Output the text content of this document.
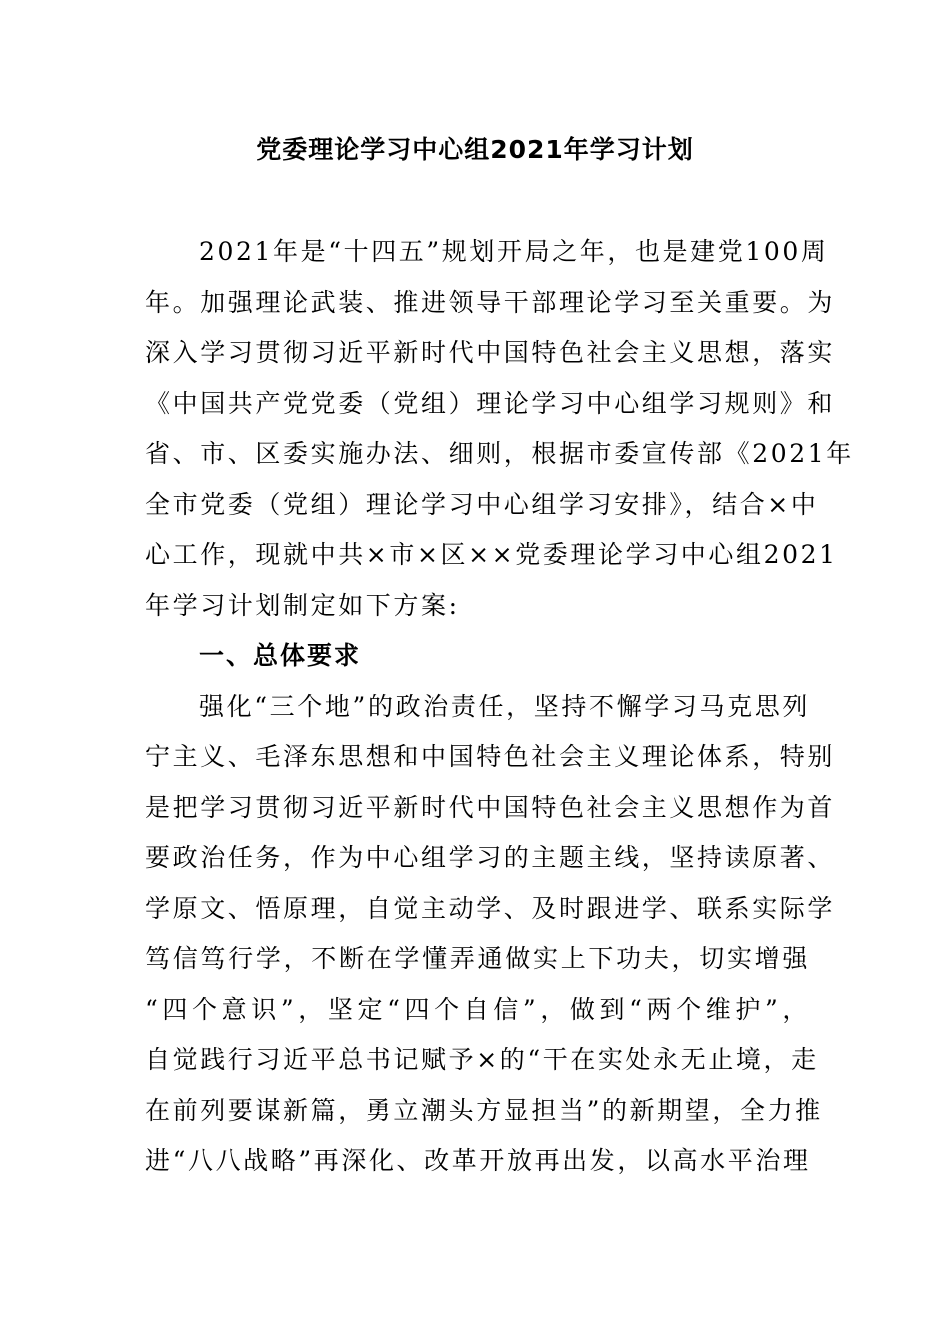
党委理论学习中心组2021年学习计划
2021年是“十四五”规划开局之年，也是建党100周
年。加强理论武装、推进领导干部理论学习至关重要。为
深入学习贯彻习近平新时代中国特色社会主义思想，落实
《中国共产党党委（党组）理论学习中心组学习规则》和
省、市、区委实施办法、细则，根据市委宣传部《2021年
全市党委（党组）理论学习中心组学习安排》，结合×中
心工作，现就中共×市×区××党委理论学习中心组2021
年学习计划制定如下方案:
一、总体要求
强化“三个地”的政治责任，坚持不懈学习马克思列
宁主义、毛泽东思想和中国特色社会主义理论体系，特别
是把学习贯彻习近平新时代中国特色社会主义思想作为首
要政治任务，作为中心组学习的主题主线，坚持读原著、
学原文、悟原理，自觉主动学、及时跟进学、联系实际学
笃信笃行学，不断在学懂弄通做实上下功夫，切实增强
“四个意识”，坚定“四个自信”，做到“两个维护”，
自觉践行习近平总书记赋予×的“干在实处永无止境，走
在前列要谋新篇，勇立潮头方显担当”的新期望，全力推
进“八八战略”再深化、改革开放再出发，以高水平治理
